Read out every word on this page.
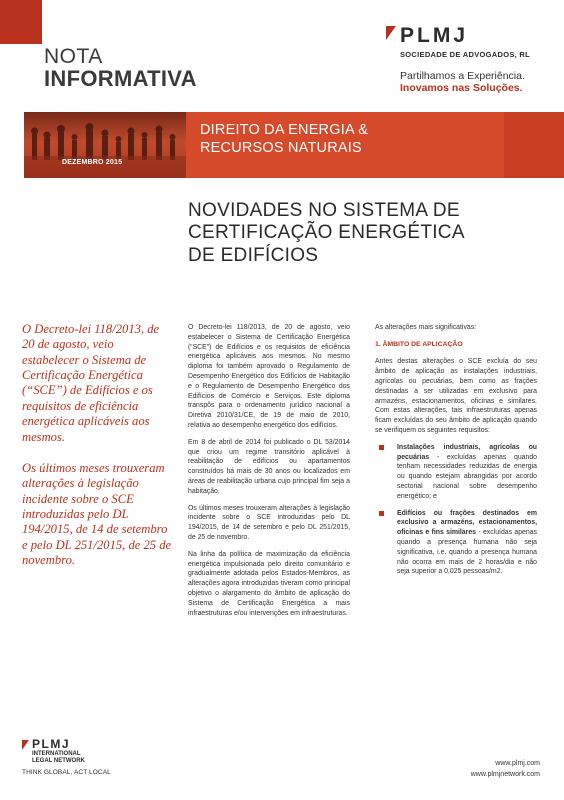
NOTA
INFORMATIVA
PLMJ
SOCIEDADE DE ADVOGADOS, RL
Partilhamos a Experiência.
Inovamos nas Soluções.
DEZEMBRO 2015
DIREITO DA ENERGIA &
RECURSOS NATURAIS
NOVIDADES NO SISTEMA DE
CERTIFICAÇÃO ENERGÉTICA
DE EDIFÍCIOS

O Decreto-lei 118/2013, de 20 de agosto, veio estabelecer o Sistema de Certificação Energética (“SCE”) de Edifícios e os requisitos de eficiência energética aplicáveis aos mesmos.

Os últimos meses trouxeram alterações à legislação incidente sobre o SCE introduzidas pelo DL 194/2015, de 14 de setembro e pelo DL 251/2015, de 25 de novembro.

O Decreto-lei 118/2013, de 20 de agosto, veio estabelecer o Sistema de Certificação Energética (“SCE”) de Edifícios e os requisitos de eficiência energética aplicáveis aos mesmos. No mesmo diploma foi também aprovado o Regulamento de Desempenho Energético dos Edifícios de Habitação e o Regulamento de Desempenho Energético dos Edifícios de Comércio e Serviços. Este diploma transpôs para o ordenamento jurídico nacional a Diretiva 2010/31/CE, de 19 de maio de 2010, relativa ao desempenho energético dos edifícios.

Em 8 de abril de 2014 foi publicado o DL 53/2014 que criou um regime transitório aplicável à reabilitação de edifícios ou apartamentos construídos há mais de 30 anos ou localizados em áreas de reabilitação urbana cujo principal fim seja a habitação.

Os últimos meses trouxeram alterações à legislação incidente sobre o SCE introduzidas pelo DL 194/2015, de 14 de setembro e pelo DL 251/2015, de 25 de novembro.

Na linha da política de maximização da eficiência energética impulsionada pelo direito comunitário e gradualmente adotada pelos Estados-Membros, as alterações agora introduzidas tiveram como principal objetivo o alargamento do âmbito de aplicação do Sistema de Certificação Energética a mais infraestruturas e/ou intervenções em infraestruturas.

As alterações mais significativas:

1. ÂMBITO DE APLICAÇÃO

Antes destas alterações o SCE excluía do seu âmbito de aplicação as instalações industriais, agrícolas ou pecuárias, bem como as frações destinadas a ser utilizadas em exclusivo para armazéns, estacionamentos, oficinas e similares. Com estas alterações, tais infraestruturas apenas ficam excluídas do seu âmbito de aplicação quando se verifiquem os seguintes requisitos:

Instalações industriais, agrícolas ou pecuárias - excluídas apenas quando tenham necessidades reduzidas de energia ou quando estejam abrangidas por acordo sectorial nacional sobre desempenho energético; e
Edifícios ou frações destinados em exclusivo a armazéns, estacionamentos, oficinas e fins similares - excluídas apenas quando a presença humana não seja significativa, i.e. quando a presença humana não ocorra em mais de 2 horas/dia e não seja superior a 0,025 pessoas/m2.
PLMJ
INTERNATIONAL
LEGAL NETWORK
THINK GLOBAL, ACT LOCAL
www.plmj.com
www.plmjnetwork.com
